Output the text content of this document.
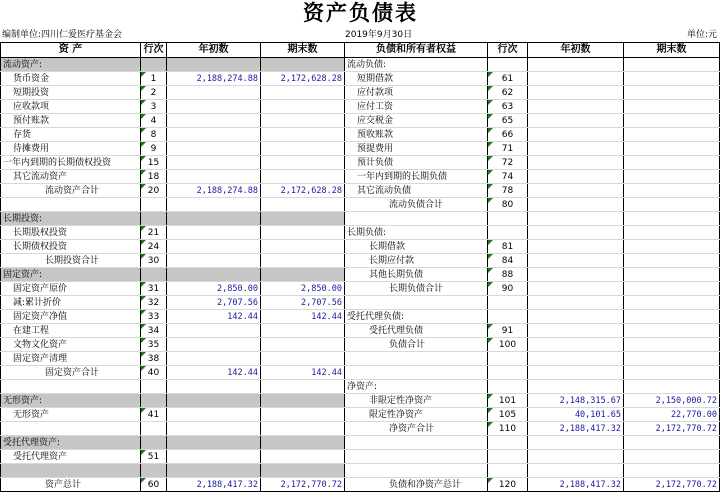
资产负债表
编制单位:四川仁爱医疗基金会	2019年9月30日	单位:元
资 产	行次	年初数	期末数	负债和所有者权益	行次	年初数	期末数
流动资产:				流动负债:			
货币资金	1	2,188,274.88	2,172,628.28	短期借款	61		
短期投资	2			应付款项	62		
应收款项	3			应付工资	63		
预付账款	4			应交税金	65		
存货	8			预收账款	66		
待摊费用	9			预提费用	71		
一年内到期的长期债权投资	15			预计负债	72		
其它流动资产	18			一年内到期的长期负债	74		
流动资产合计	20	2,188,274.88	2,172,628.28	其它流动负债	78		
				流动负债合计	80		
长期投资:							
长期股权投资	21			长期负债:			
长期债权投资	24			长期借款	81		
长期投资合计	30			长期应付款	84		
固定资产:				其他长期负债	88		
固定资产原价	31	2,850.00	2,850.00	长期负债合计	90		
减:累计折价	32	2,707.56	2,707.56				
固定资产净值	33	142.44	142.44	受托代理负债:			
在建工程	34			受托代理负债	91		
文物文化资产	35			负债合计	100		
固定资产清理	38						
固定资产合计	40	142.44	142.44				
				净资产:			
无形资产:				非限定性净资产	101	2,148,315.67	2,150,000.72
无形资产	41			限定性净资产	105	40,101.65	22,770.00
				净资产合计	110	2,188,417.32	2,172,770.72
受托代理资产:							
受托代理资产	51						

资产总计	60	2,188,417.32	2,172,770.72	负债和净资产总计	120	2,188,417.32	2,172,770.72
